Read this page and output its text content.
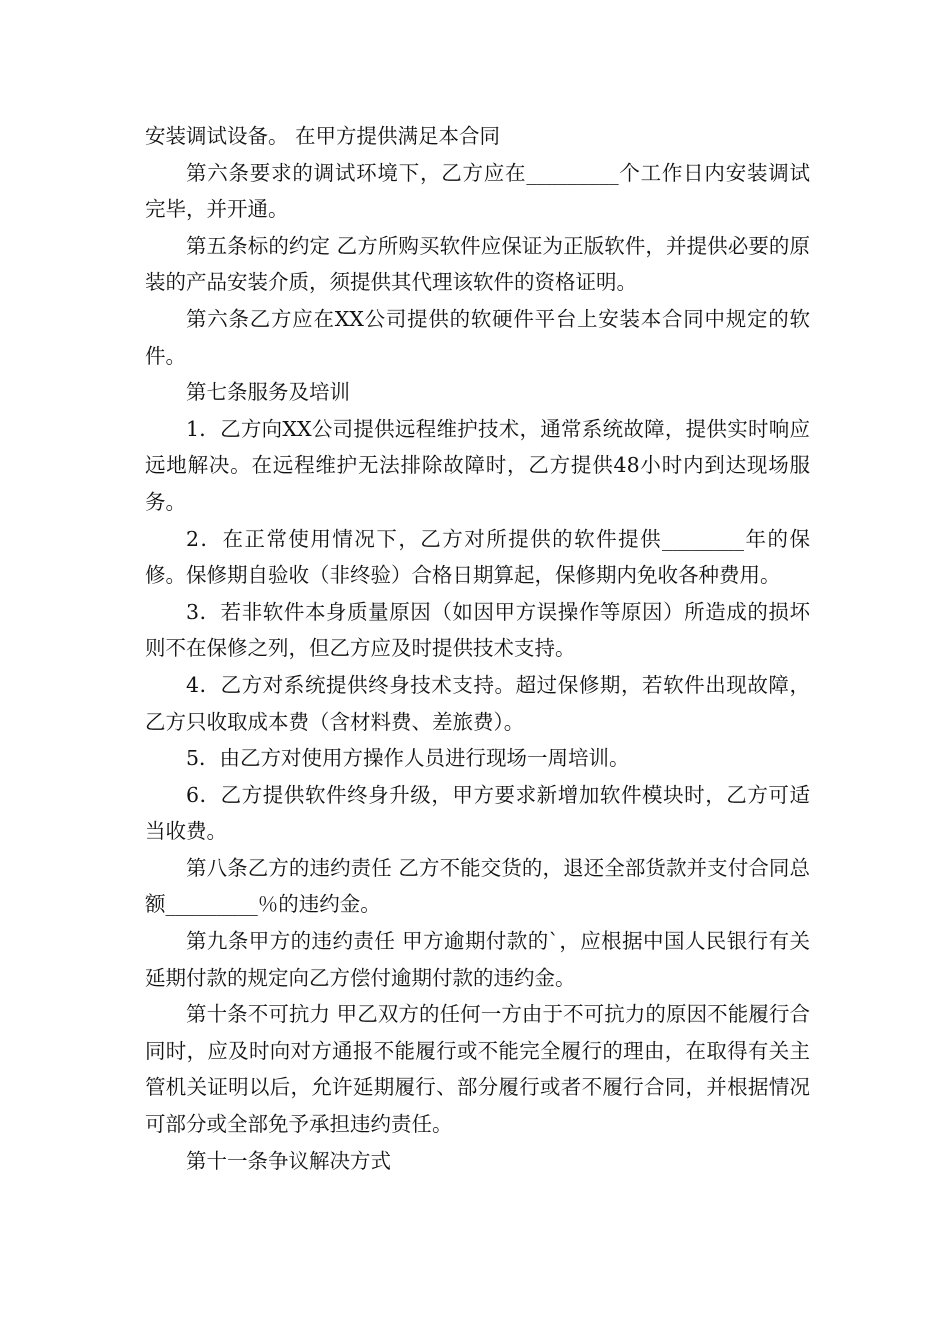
安装调试设备。 在甲方提供满足本合同

第六条要求的调试环境下，乙方应在_________个工作日内安装调试完毕，并开通。

第五条标的约定 乙方所购买软件应保证为正版软件，并提供必要的原装的产品安装介质，须提供其代理该软件的资格证明。

第六条乙方应在XX公司提供的软硬件平台上安装本合同中规定的软件。

第七条服务及培训

1．乙方向XX公司提供远程维护技术，通常系统故障，提供实时响应远地解决。在远程维护无法排除故障时，乙方提供48小时内到达现场服务。

2．在正常使用情况下，乙方对所提供的软件提供________年的保修。保修期自验收（非终验）合格日期算起，保修期内免收各种费用。

3．若非软件本身质量原因（如因甲方误操作等原因）所造成的损坏则不在保修之列，但乙方应及时提供技术支持。

4．乙方对系统提供终身技术支持。超过保修期，若软件出现故障，乙方只收取成本费（含材料费、差旅费）。

5．由乙方对使用方操作人员进行现场一周培训。

6．乙方提供软件终身升级，甲方要求新增加软件模块时，乙方可适当收费。

第八条乙方的违约责任 乙方不能交货的，退还全部货款并支付合同总额_________％的违约金。

第九条甲方的违约责任 甲方逾期付款的`，应根据中国人民银行有关延期付款的规定向乙方偿付逾期付款的违约金。

第十条不可抗力 甲乙双方的任何一方由于不可抗力的原因不能履行合同时，应及时向对方通报不能履行或不能完全履行的理由，在取得有关主管机关证明以后，允许延期履行、部分履行或者不履行合同，并根据情况可部分或全部免予承担违约责任。

第十一条争议解决方式
